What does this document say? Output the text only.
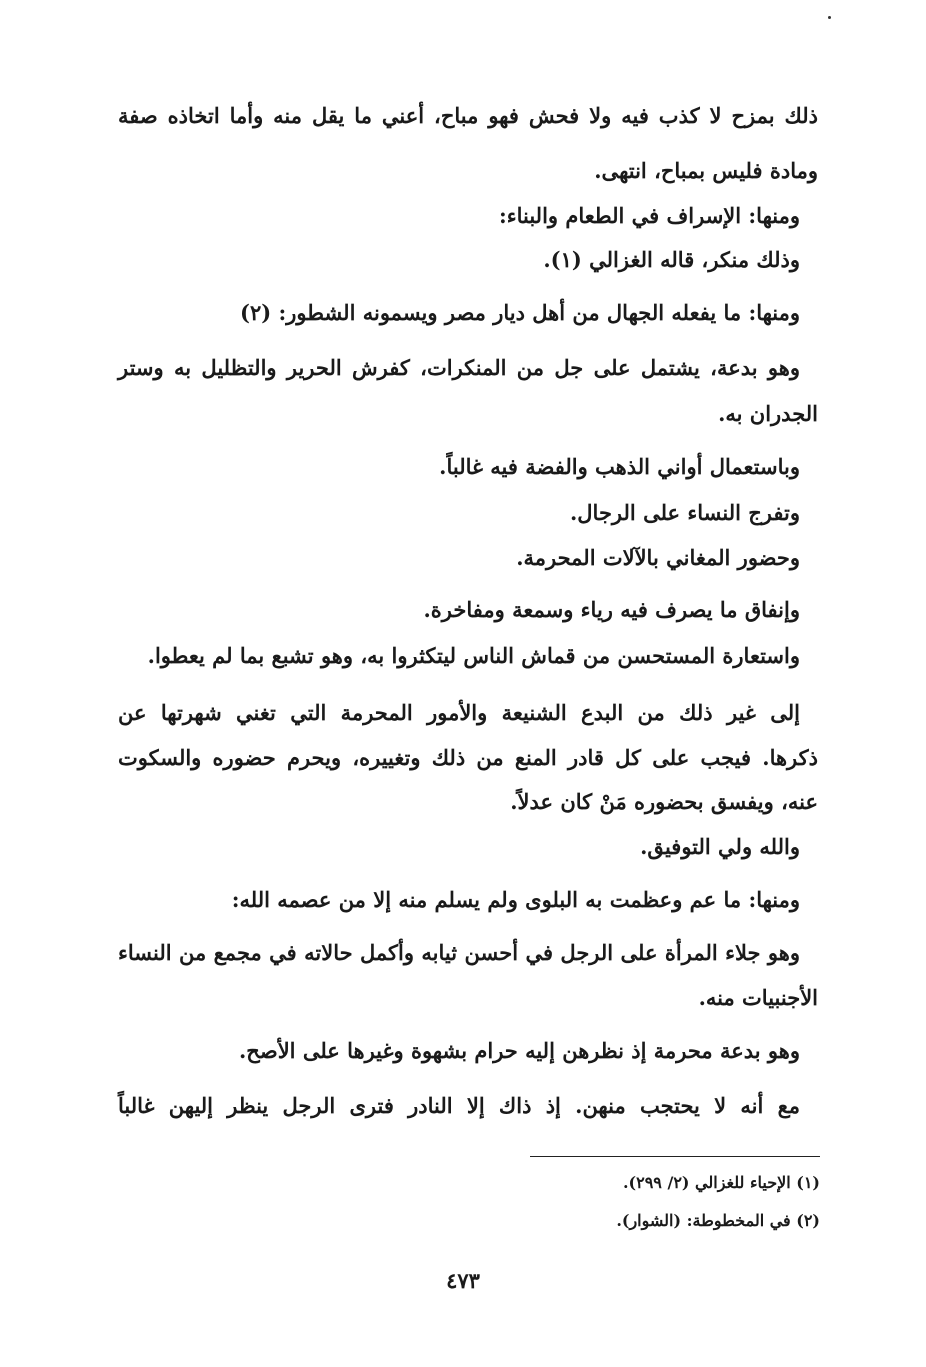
ذلك بمزح لا كذب فيه ولا فحش فهو مباح، أعني ما يقل منه وأما اتخاذه صفة
ومادة فليس بمباح، انتهى.
ومنها: الإسراف في الطعام والبناء:
وذلك منكر، قاله الغزالي (١).
ومنها: ما يفعله الجهال من أهل ديار مصر ويسمونه الشطور: (٢)
وهو بدعة، يشتمل على جل من المنكرات، كفرش الحرير والتظليل به وستر
الجدران به.
وباستعمال أواني الذهب والفضة فيه غالباً.
وتفرج النساء على الرجال.
وحضور المغاني بالآلات المحرمة.
وإنفاق ما يصرف فيه رياء وسمعة ومفاخرة.
واستعارة المستحسن من قماش الناس ليتكثروا به، وهو تشبع بما لم يعطوا.
إلى غير ذلك من البدع الشنيعة والأمور المحرمة التي تغني شهرتها عن
ذكرها. فيجب على كل قادر المنع من ذلك وتغييره، ويحرم حضوره والسكوت
عنه، ويفسق بحضوره مَنْ كان عدلاً.
والله ولي التوفيق.
ومنها: ما عم وعظمت به البلوى ولم يسلم منه إلا من عصمه الله:
وهو جلاء المرأة على الرجل في أحسن ثيابه وأكمل حالاته في مجمع من النساء
الأجنبيات منه.
وهو بدعة محرمة إذ نظرهن إليه حرام بشهوة وغيرها على الأصح.
مع أنه لا يحتجب منهن. إذ ذاك إلا النادر فترى الرجل ينظر إليهن غالباً
(١) الإحياء للغزالي (٢/ ٢٩٩).
(٢) في المخطوطة: (الشوار).
٤٧٣
